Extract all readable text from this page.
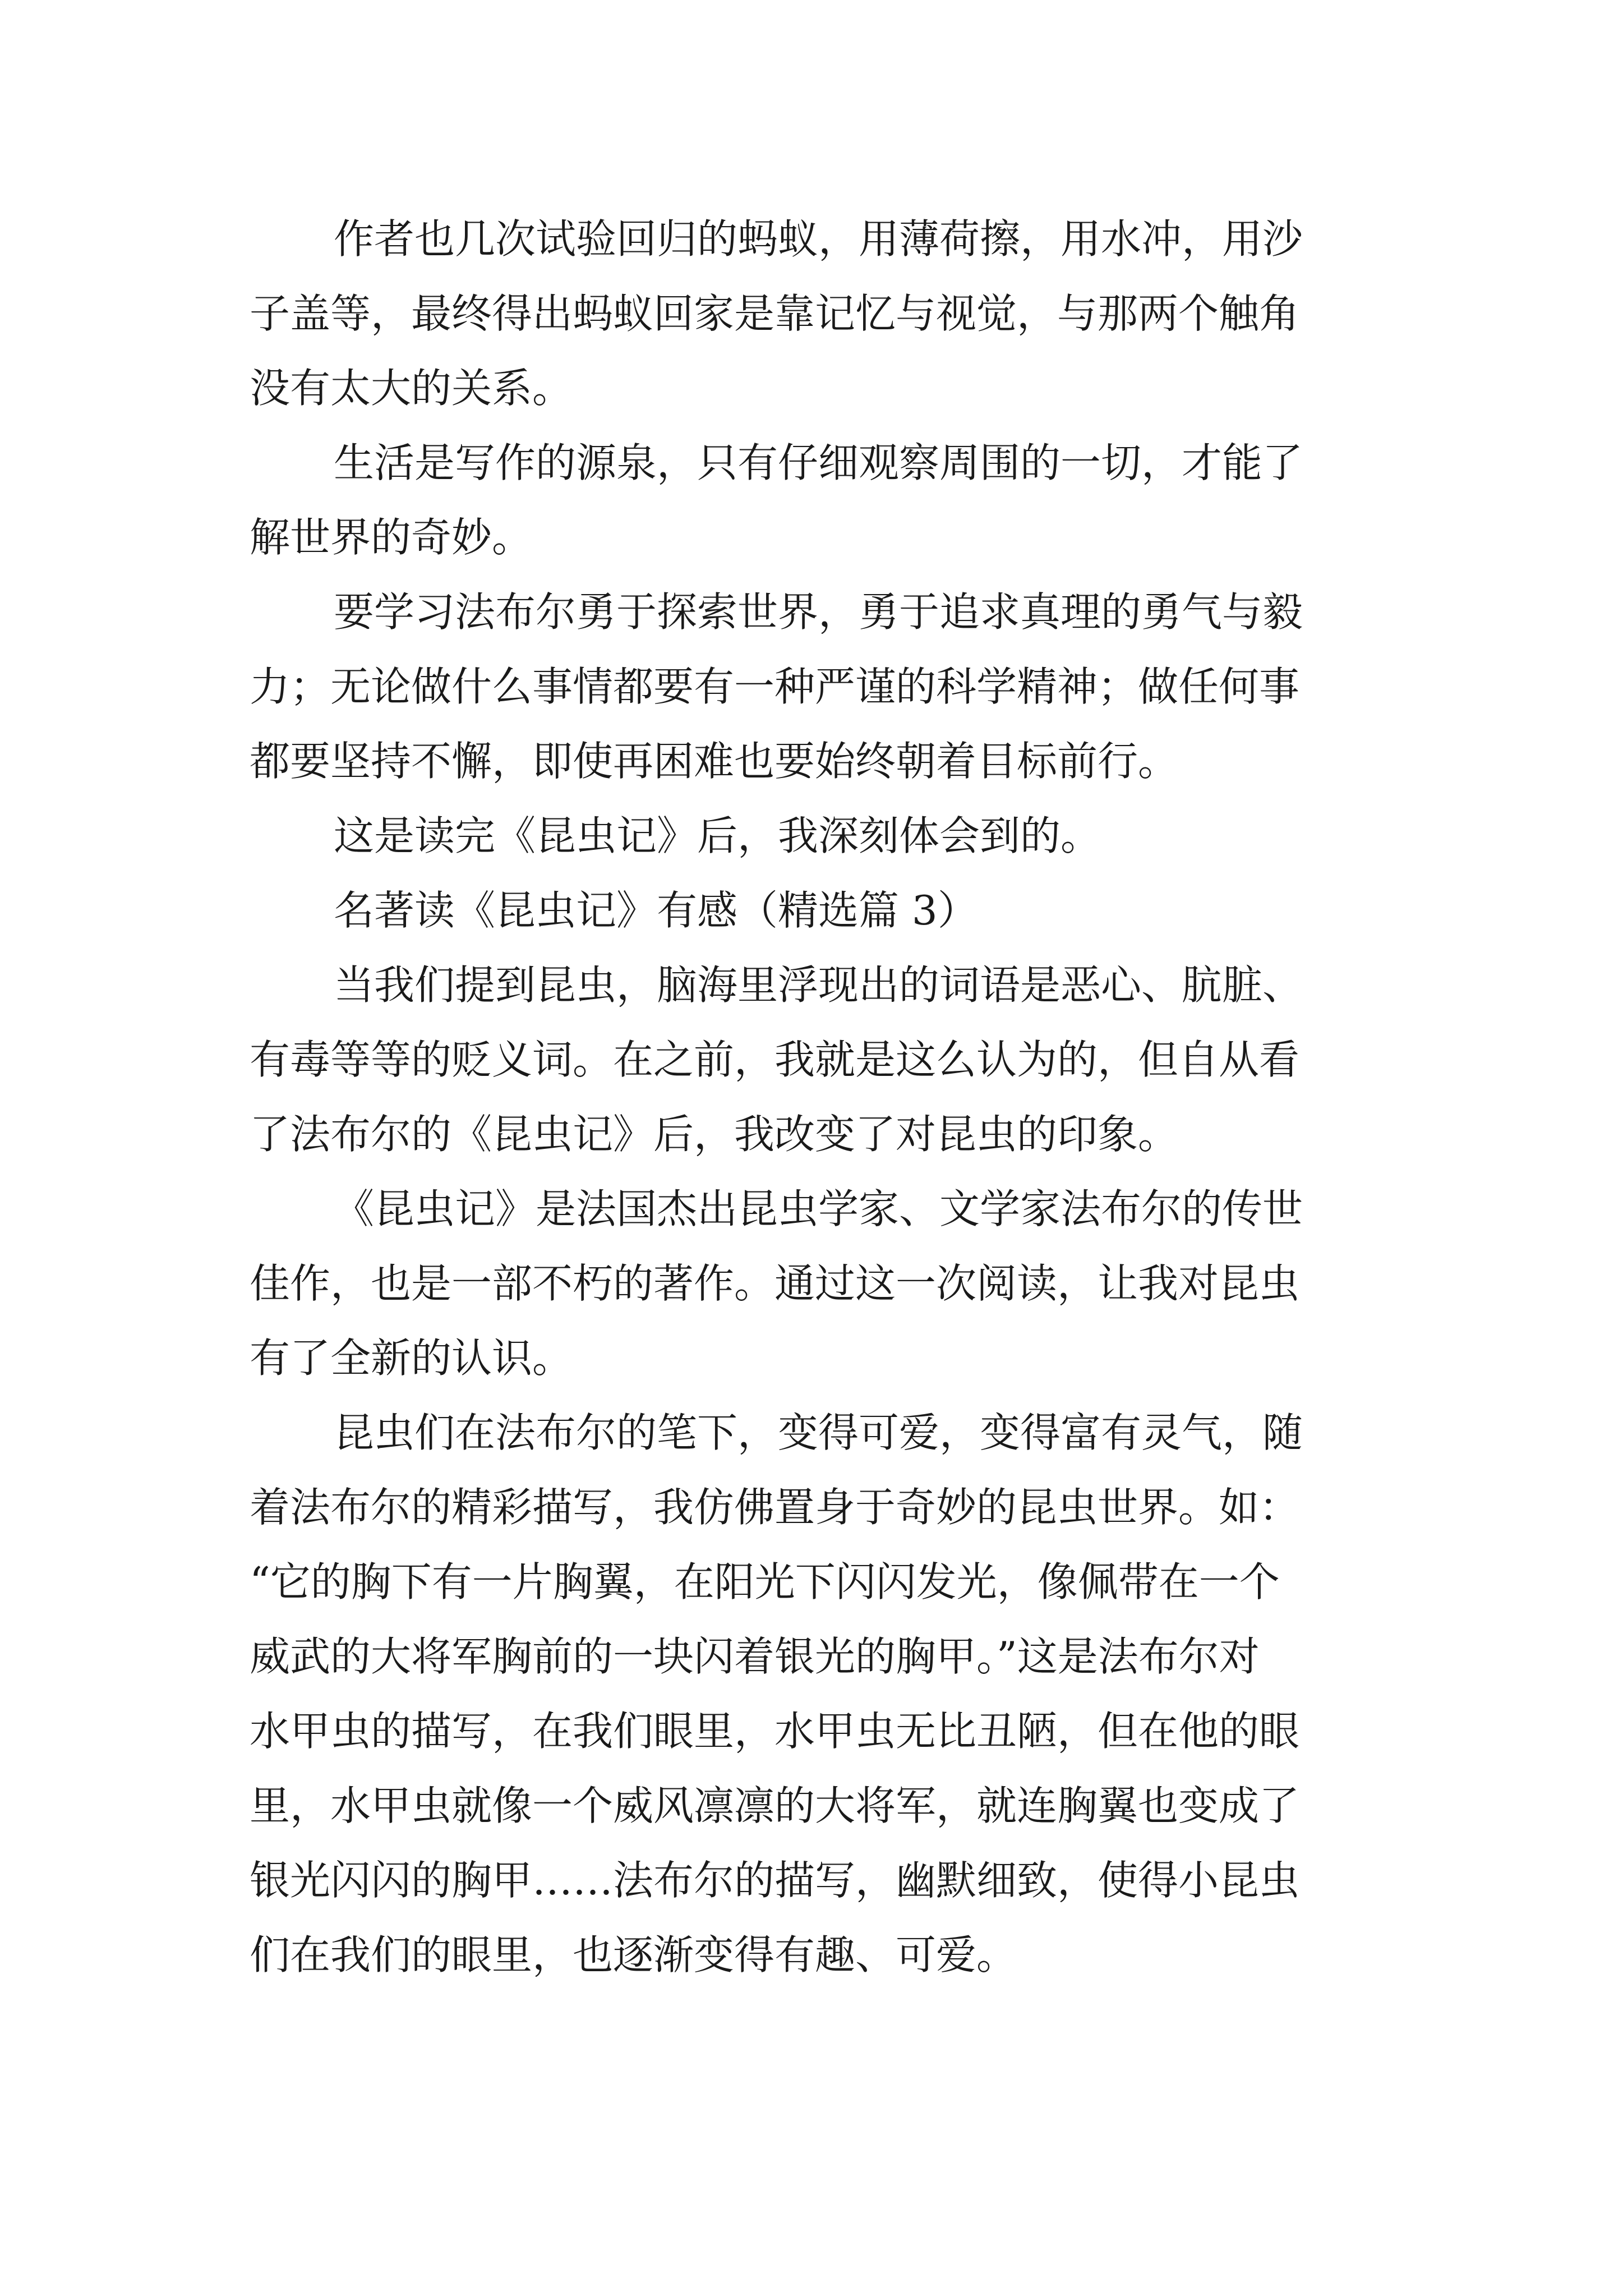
作者也几次试验回归的蚂蚁，用薄荷擦，用水冲，用沙
子盖等，最终得出蚂蚁回家是靠记忆与视觉，与那两个触角
没有太大的关系。
生活是写作的源泉，只有仔细观察周围的一切，才能了
解世界的奇妙。
要学习法布尔勇于探索世界，勇于追求真理的勇气与毅
力；无论做什么事情都要有一种严谨的科学精神；做任何事
都要坚持不懈，即使再困难也要始终朝着目标前行。
这是读完《昆虫记》后，我深刻体会到的。
名著读《昆虫记》有感（精选篇 3）
当我们提到昆虫，脑海里浮现出的词语是恶心、肮脏、
有毒等等的贬义词。在之前，我就是这么认为的，但自从看
了法布尔的《昆虫记》后，我改变了对昆虫的印象。
《昆虫记》是法国杰出昆虫学家、文学家法布尔的传世
佳作，也是一部不朽的著作。通过这一次阅读，让我对昆虫
有了全新的认识。
昆虫们在法布尔的笔下，变得可爱，变得富有灵气，随
着法布尔的精彩描写，我仿佛置身于奇妙的昆虫世界。如：
“它的胸下有一片胸翼，在阳光下闪闪发光，像佩带在一个
威武的大将军胸前的一块闪着银光的胸甲。”这是法布尔对
水甲虫的描写，在我们眼里，水甲虫无比丑陋，但在他的眼
里，水甲虫就像一个威风凛凛的大将军，就连胸翼也变成了
银光闪闪的胸甲……法布尔的描写，幽默细致，使得小昆虫
们在我们的眼里，也逐渐变得有趣、可爱。
